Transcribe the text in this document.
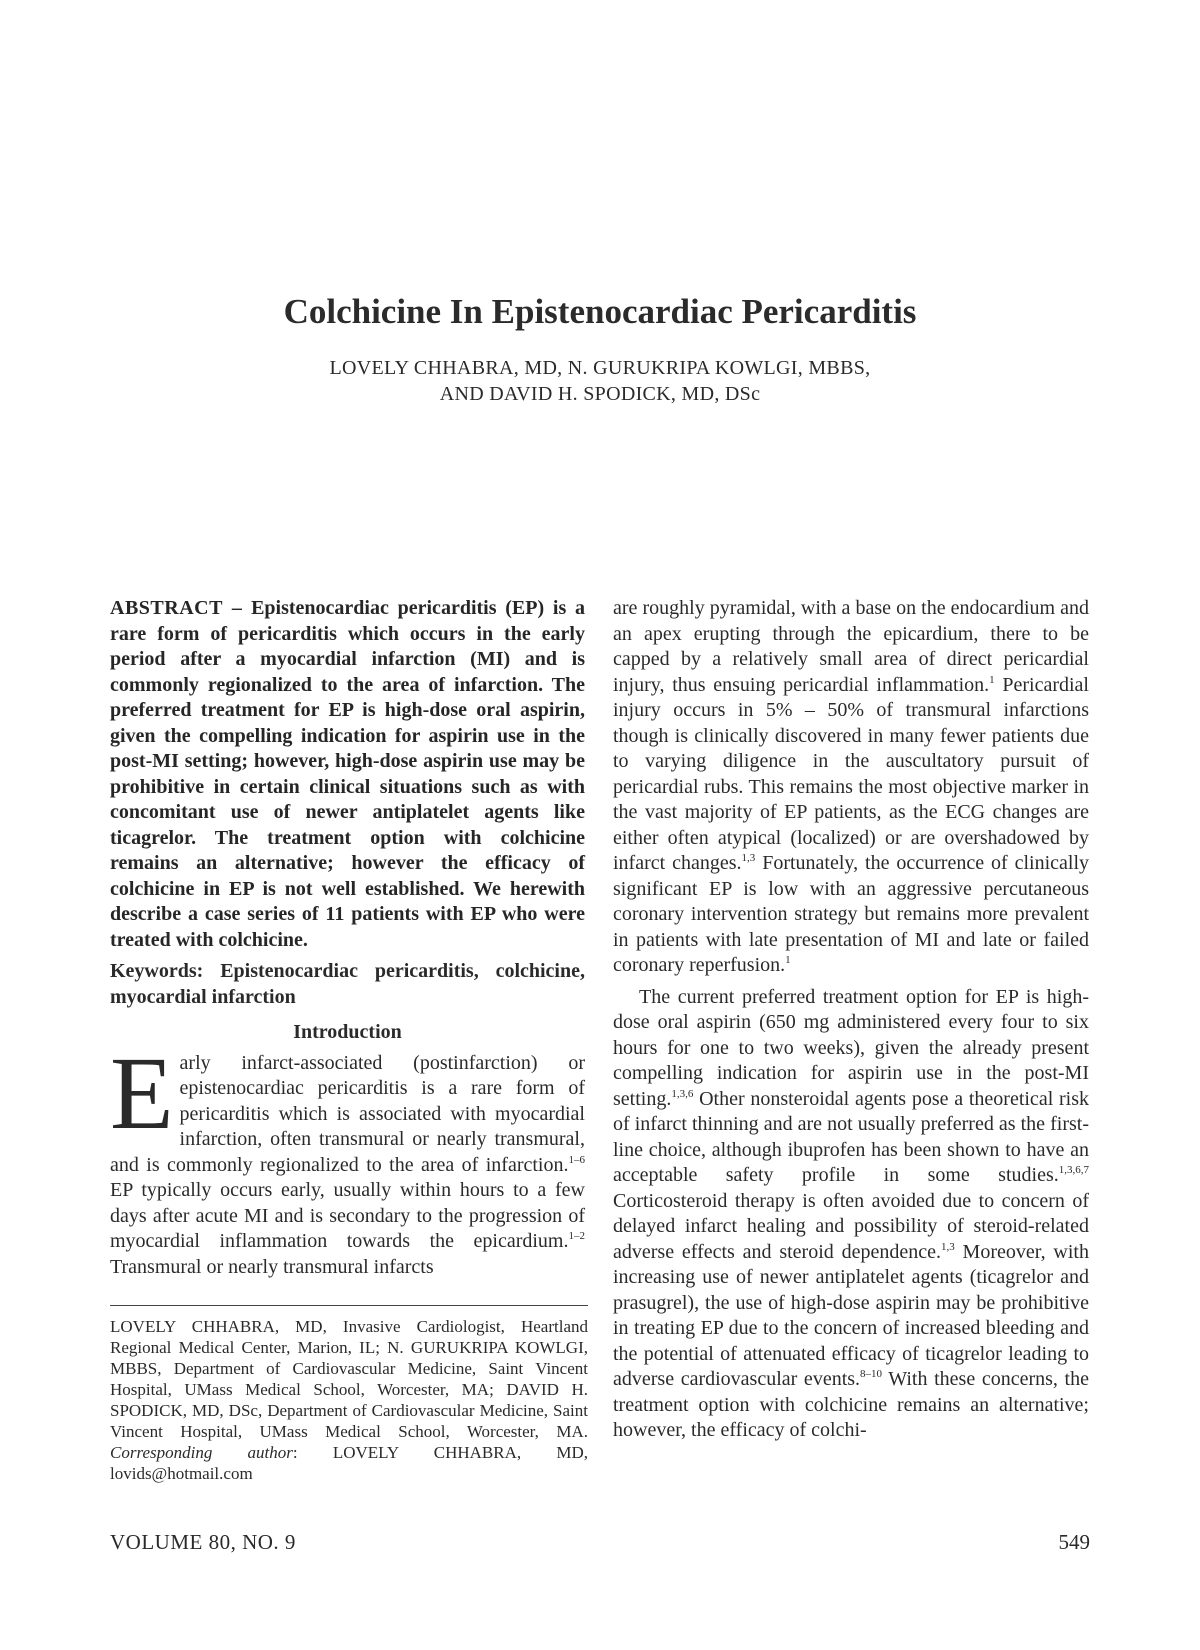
Colchicine In Epistenocardiac Pericarditis
LOVELY CHHABRA, MD, N. GURUKRIPA KOWLGI, MBBS,
AND DAVID H. SPODICK, MD, DSc

ABSTRACT – Epistenocardiac pericarditis (EP) is a rare form of pericarditis which occurs in the early period after a myocardial infarction (MI) and is commonly regionalized to the area of infarction. The preferred treatment for EP is high-dose oral aspirin, given the compelling indication for aspirin use in the post-MI setting; however, high-dose aspirin use may be prohibitive in certain clinical situations such as with concomitant use of newer antiplatelet agents like ticagrelor. The treatment option with colchicine remains an alternative; however the efficacy of colchicine in EP is not well established. We herewith describe a case series of 11 patients with EP who were treated with colchicine.

Keywords: Epistenocardiac pericarditis, colchicine, myocardial infarction

Introduction

Early infarct-associated (postinfarction) or epistenocardiac pericarditis is a rare form of pericarditis which is associated with myocardial infarction, often transmural or nearly transmural, and is commonly regionalized to the area of infarction.$^{1-6}$ EP typically occurs early, usually within hours to a few days after acute MI and is secondary to the progression of myocardial inflammation towards the epicardium.$^{1-2}$ Transmural or nearly transmural infarcts

LOVELY CHHABRA, MD, Invasive Cardiologist, Heartland Regional Medical Center, Marion, IL; N. GURUKRIPA KOWLGI, MBBS, Department of Cardiovascular Medicine, Saint Vincent Hospital, UMass Medical School, Worcester, MA; DAVID H. SPODICK, MD, DSc, Department of Cardiovascular Medicine, Saint Vincent Hospital, UMass Medical School, Worcester, MA. Corresponding author: LOVELY CHHABRA, MD, lovids@hotmail.com

are roughly pyramidal, with a base on the endocardium and an apex erupting through the epicardium, there to be capped by a relatively small area of direct pericardial injury, thus ensuing pericardial inflammation.$^1$ Pericardial injury occurs in 5% – 50% of transmural infarctions though is clinically discovered in many fewer patients due to varying diligence in the auscultatory pursuit of pericardial rubs. This remains the most objective marker in the vast majority of EP patients, as the ECG changes are either often atypical (localized) or are overshadowed by infarct changes.$^{1,3}$ Fortunately, the occurrence of clinically significant EP is low with an aggressive percutaneous coronary intervention strategy but remains more prevalent in patients with late presentation of MI and late or failed coronary reperfusion.$^1$

The current preferred treatment option for EP is high-dose oral aspirin (650 mg administered every four to six hours for one to two weeks), given the already present compelling indication for aspirin use in the post-MI setting.$^{1,3,6}$ Other nonsteroidal agents pose a theoretical risk of infarct thinning and are not usually preferred as the first-line choice, although ibuprofen has been shown to have an acceptable safety profile in some studies.$^{1,3,6,7}$ Corticosteroid therapy is often avoided due to concern of delayed infarct healing and possibility of steroid-related adverse effects and steroid dependence.$^{1,3}$ Moreover, with increasing use of newer antiplatelet agents (ticagrelor and prasugrel), the use of high-dose aspirin may be prohibitive in treating EP due to the concern of increased bleeding and the potential of attenuated efficacy of ticagrelor leading to adverse cardiovascular events.$^{8-10}$ With these concerns, the treatment option with colchicine remains an alternative; however, the efficacy of colchi-

VOLUME 80, NO. 9	549
